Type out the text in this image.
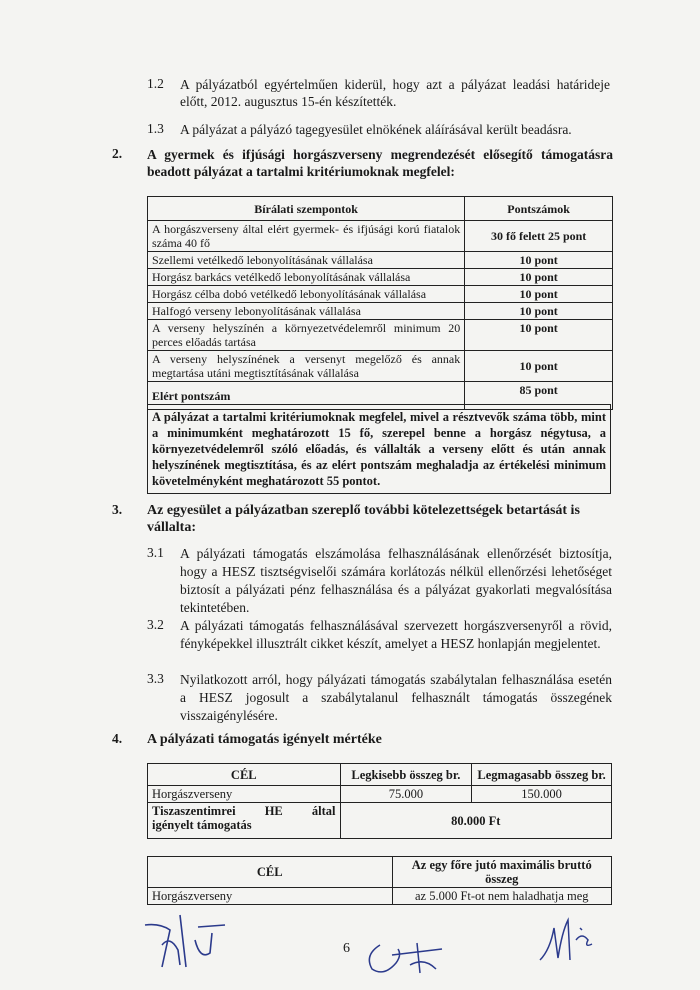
1.2 A pályázatból egyértelműen kiderül, hogy azt a pályázat leadási határideje előtt, 2012. augusztus 15-én készítették.
1.3 A pályázat a pályázó tagegyesület elnökének aláírásával került beadásra.
2. A gyermek és ifjúsági horgászverseny megrendezését elősegítő támogatásra beadott pályázat a tartalmi kritériumoknak megfelel:
Bírálati szempontok	Pontszámok
A horgászverseny által elért gyermek- és ifjúsági korú fiatalok száma 40 fő	30 fő felett 25 pont
Szellemi vetélkedő lebonyolításának vállalása	10 pont
Horgász barkács vetélkedő lebonyolításának vállalása	10 pont
Horgász célba dobó vetélkedő lebonyolításának vállalása	10 pont
Halfogó verseny lebonyolításának vállalása	10 pont
A verseny helyszínén a környezetvédelemről minimum 20 perces előadás tartása	10 pont
A verseny helyszínének a versenyt megelőző és annak megtartása utáni megtisztításának vállalása	10 pont
Elért pontszám	85 pont
A pályázat a tartalmi kritériumoknak megfelel, mivel a résztvevők száma több, mint a minimumként meghatározott 15 fő, szerepel benne a horgász négytusa, a környezetvédelemről szóló előadás, és vállalták a verseny előtt és után annak helyszínének megtisztítása, és az elért pontszám meghaladja az értékelési minimum követelményként meghatározott 55 pontot.
3. Az egyesület a pályázatban szereplő további kötelezettségek betartását is vállalta:
3.1 A pályázati támogatás elszámolása felhasználásának ellenőrzését biztosítja, hogy a HESZ tisztségviselői számára korlátozás nélkül ellenőrzési lehetőséget biztosít a pályázati pénz felhasználása és a pályázat gyakorlati megvalósítása tekintetében.
3.2 A pályázati támogatás felhasználásával szervezett horgászversenyről a rövid, fényképekkel illusztrált cikket készít, amelyet a HESZ honlapján megjelentet.
3.3 Nyilatkozott arról, hogy pályázati támogatás szabálytalan felhasználása esetén a HESZ jogosult a szabálytalanul felhasznált támogatás összegének visszaigénylésére.
4. A pályázati támogatás igényelt mértéke
CÉL	Legkisebb összeg br.	Legmagasabb összeg br.
Horgászverseny	75.000	150.000
Tiszaszentimrei   HE   által igényelt támogatás	80.000 Ft	
CÉL	Az egy főre jutó maximális bruttó összeg
Horgászverseny	az 5.000 Ft-ot nem haladhatja meg
6
